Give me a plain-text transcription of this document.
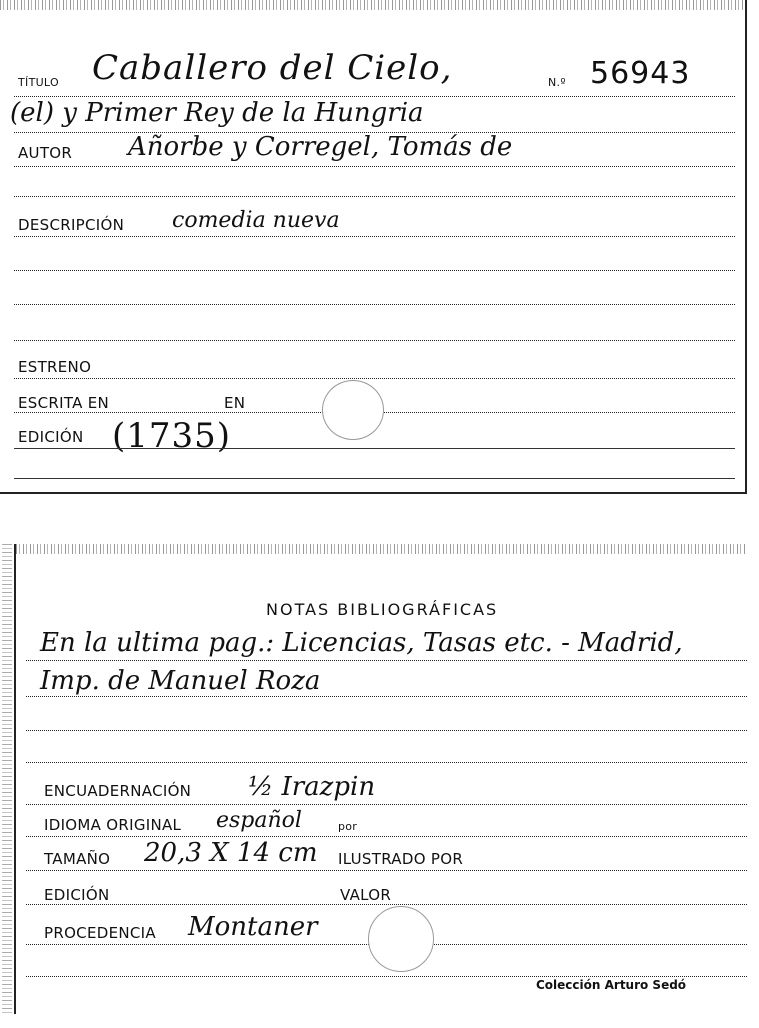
TÍTULO Caballero del Cielo,	N.º 56943
(el) y Primer Rey de la Hungria
AUTOR Añorbe y Corregel, Tomás de
DESCRIPCIÓN comedia nueva
ESTRENO
ESCRITA EN	EN
EDICIÓN (1735)
NOTAS BIBLIOGRÁFICAS
En la ultima pag.: Licencias, Tasas etc. - Madrid,
Imp. de Manuel Roza
ENCUADERNACIÓN ½ Irazpin
IDIOMA ORIGINAL español	por
TAMAÑO 20,3 X 14 cm ILUSTRADO POR
EDICIÓN	VALOR
PROCEDENCIA Montaner
Colección Arturo Sedó
